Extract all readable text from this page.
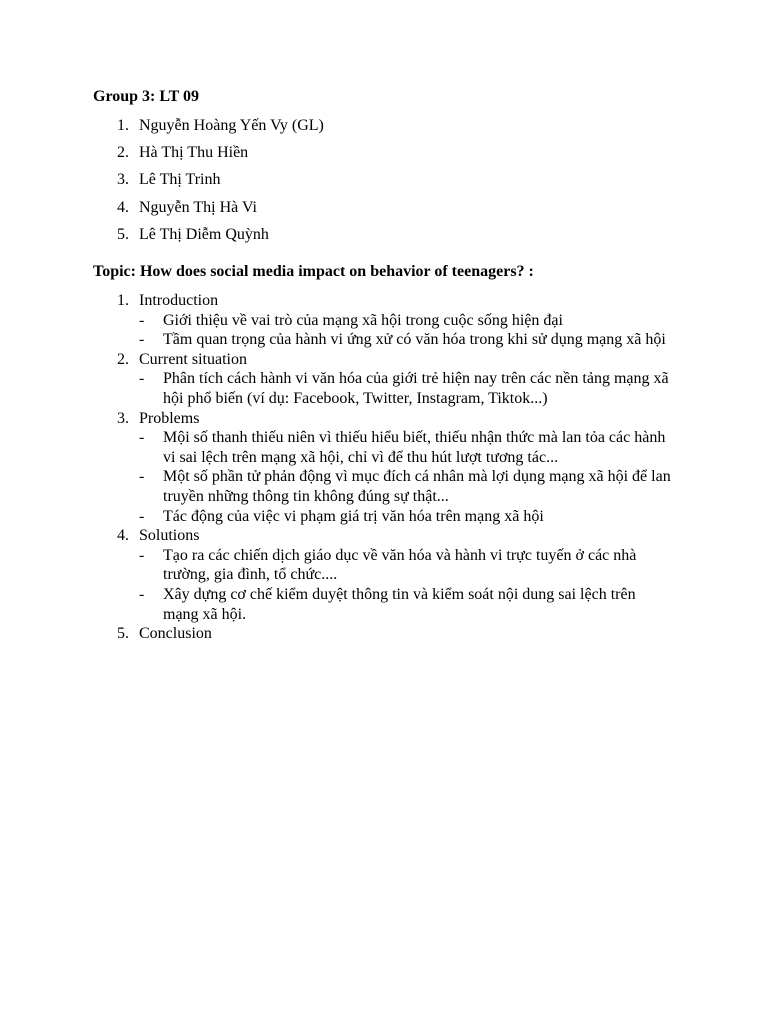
Group 3: LT 09
1. Nguyễn Hoàng Yến Vy (GL)
2. Hà Thị Thu Hiền
3. Lê Thị Trinh
4. Nguyễn Thị Hà Vi
5. Lê Thị Diễm Quỳnh
Topic: How does social media impact on behavior of teenagers? :
1. Introduction
- Giới thiệu về vai trò của mạng xã hội trong cuộc sống hiện đại
- Tầm quan trọng của hành vi ứng xử có văn hóa trong khi sử dụng mạng xã hội
2. Current situation
- Phân tích cách hành vi văn hóa của giới trẻ hiện nay trên các nền tảng mạng xã hội phổ biến (ví dụ: Facebook, Twitter, Instagram, Tiktok...)
3. Problems
- Mội số thanh thiếu niên vì thiếu hiểu biết, thiếu nhận thức mà lan tỏa các hành vi sai lệch trên mạng xã hội, chỉ vì để thu hút lượt tương tác...
- Một số phần tử phản động vì mục đích cá nhân mà lợi dụng mạng xã hội để lan truyền những thông tin không đúng sự thật...
- Tác động của việc vi phạm giá trị văn hóa trên mạng xã hội
4. Solutions
- Tạo ra các chiến dịch giáo dục về văn hóa và hành vi trực tuyến ở các nhà trường, gia đình, tổ chức....
- Xây dựng cơ chế kiểm duyệt thông tin và kiểm soát nội dung sai lệch trên mạng xã hội.
5. Conclusion
